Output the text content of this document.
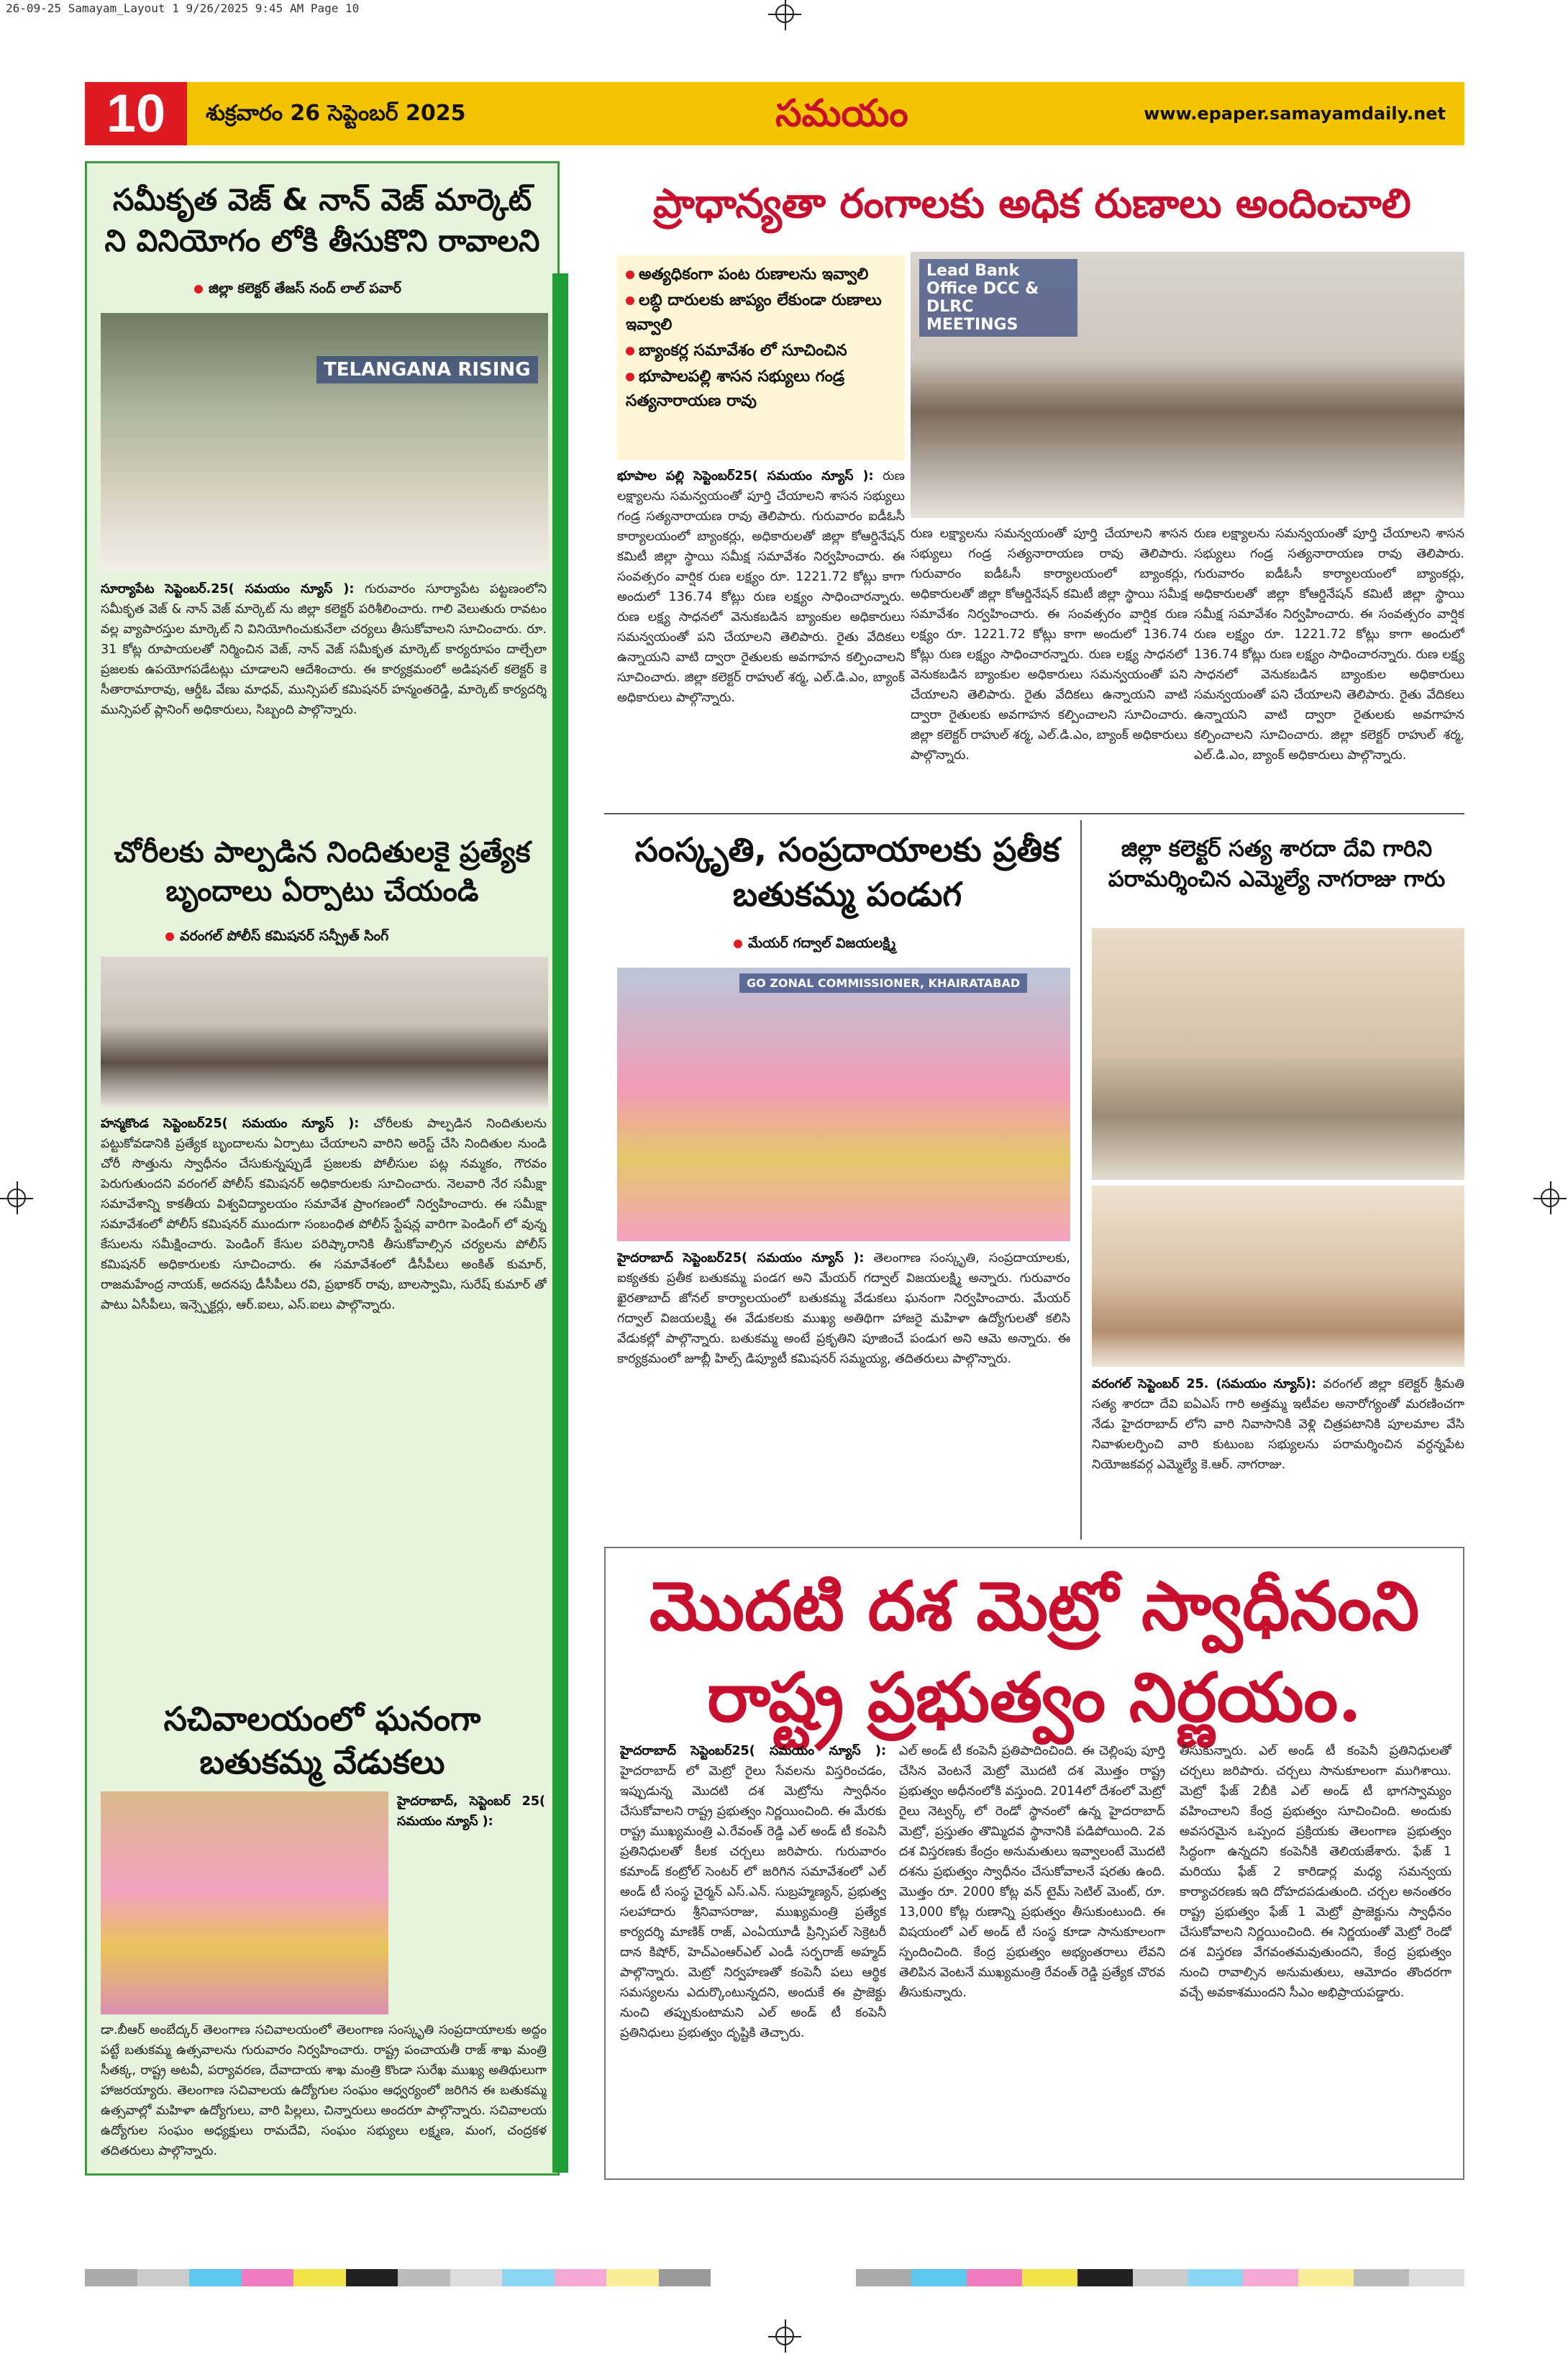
26-09-25 Samayam_Layout 1 9/26/2025 9:45 AM Page 10
10	శుక్రవారం 26 సెప్టెంబర్ 2025	సమయం	www.epaper.samayamdaily.net
సమీకృత వెజ్ & నాన్ వెజ్ మార్కెట్ ని వినియోగం లోకి తీసుకొని రావాలని
జిల్లా కలెక్టర్ తేజస్ నంద్ లాల్ పవార్
TELANGANA RISING
సూర్యాపేట సెప్టెంబర్.25( సమయం న్యూస్ ): గురువారం సూర్యాపేట పట్టణంలోని సమీకృత వెజ్ & నాన్ వెజ్ మార్కెట్ ను జిల్లా కలెక్టర్ పరిశీలించారు. గాలి వెలుతురు రావటం వల్ల వ్యాపారస్తుల మార్కెట్ ని వినియోగించుకునేలా చర్యలు తీసుకోవాలని సూచించారు. రూ. 31 కోట్ల రూపాయలతో నిర్మించిన వెజ్, నాన్ వెజ్ సమీకృత మార్కెట్ కార్యరూపం దాల్చేలా ప్రజలకు ఉపయోగపడేటట్లు చూడాలని ఆదేశించారు. ఈ కార్యక్రమంలో అడిషనల్ కలెక్టర్ కె సీతారామారావు, ఆర్డీఓ వేణు మాధవ్, మున్సిపల్ కమిషనర్ హన్మంతరెడ్డి, మార్కెట్ కార్యదర్శి మున్సిపల్ ప్లానింగ్ అధికారులు, సిబ్బంది పాల్గొన్నారు.
చోరీలకు పాల్పడిన నిందితులకై ప్రత్యేక బృందాలు ఏర్పాటు చేయండి
వరంగల్ పోలీస్ కమిషనర్ సన్ప్రీత్ సింగ్
హన్మకొండ సెప్టెంబర్25( సమయం న్యూస్ ): చోరీలకు పాల్పడిన నిందితులను పట్టుకోవడానికి ప్రత్యేక బృందాలను ఏర్పాటు చేయాలని వారిని అరెస్ట్ చేసి నిందితుల నుండి చోరీ సొత్తును స్వాధీనం చేసుకున్నప్పుడే ప్రజలకు పోలీసుల పట్ల నమ్మకం, గౌరవం పెరుగుతుందని వరంగల్ పోలీస్ కమిషనర్ అధికారులకు సూచించారు. నెలవారి నేర సమీక్షా సమావేశాన్ని కాకతీయ విశ్వవిద్యాలయం సమావేశ ప్రాంగణంలో నిర్వహించారు. ఈ సమీక్షా సమావేశంలో పోలీస్ కమిషనర్ ముందుగా సంబంధిత పోలీస్ స్టేషన్ల వారిగా పెండింగ్ లో వున్న కేసులను సమీక్షించారు. పెండింగ్ కేసుల పరిష్కారానికి తీసుకోవాల్సిన చర్యలను పోలీస్ కమిషనర్ అధికారులకు సూచించారు. ఈ సమావేశంలో డీసీపీలు అంకిత్ కుమార్, రాజమహేంద్ర నాయక్, అదనపు డీసీపీలు రవి, ప్రభాకర్ రావు, బాలస్వామి, సురేష్ కుమార్ తో పాటు ఏసీపీలు, ఇన్స్పెక్టర్లు, ఆర్.ఐలు, ఎస్.ఐలు పాల్గొన్నారు.
సచివాలయంలో ఘనంగా బతుకమ్మ వేడుకలు
హైదరాబాద్, సెప్టెంబర్ 25( సమయం న్యూస్ ):
డా.బీఆర్ అంబేద్కర్ తెలంగాణ సచివాలయంలో తెలంగాణ సంస్కృతి సంప్రదాయాలకు అద్దం పట్టే బతుకమ్మ ఉత్సవాలను గురువారం నిర్వహించారు. రాష్ట్ర పంచాయతీ రాజ్ శాఖ మంత్రి సీతక్క, రాష్ట్ర అటవీ, పర్యావరణ, దేవాదాయ శాఖ మంత్రి కొండా సురేఖ ముఖ్య అతిథులుగా హాజరయ్యారు. తెలంగాణ సచివాలయ ఉద్యోగుల సంఘం ఆధ్వర్యంలో జరిగిన ఈ బతుకమ్మ ఉత్సవాల్లో మహిళా ఉద్యోగులు, వారి పిల్లలు, చిన్నారులు అందరూ పాల్గొన్నారు. సచివాలయ ఉద్యోగుల సంఘం అధ్యక్షులు రామదేవి, సంఘం సభ్యులు లక్ష్మణ, మంగ, చంద్రకళ తదితరులు పాల్గొన్నారు.
ప్రాధాన్యతా రంగాలకు అధిక రుణాలు అందించాలి
అత్యధికంగా పంట రుణాలను ఇవ్వాలి
లబ్ధి దారులకు జాప్యం లేకుండా రుణాలు ఇవ్వాలి
బ్యాంకర్ల సమావేశం లో సూచించిన
భూపాలపల్లి శాసన సభ్యులు గండ్ర సత్యనారాయణ రావు
Lead Bank Office DCC & DLRC MEETINGS
భూపాల పల్లి సెప్టెంబర్25( సమయం న్యూస్ ): రుణ లక్ష్యాలను సమన్వయంతో పూర్తి చేయాలని శాసన సభ్యులు గండ్ర సత్యనారాయణ రావు తెలిపారు. గురువారం ఐడీఓసీ కార్యాలయంలో బ్యాంకర్లు, అధికారులతో జిల్లా కోఆర్డినేషన్ కమిటీ జిల్లా స్థాయి సమీక్ష సమావేశం నిర్వహించారు. ఈ సంవత్సరం వార్షిక రుణ లక్ష్యం రూ. 1221.72 కోట్లు కాగా అందులో 136.74 కోట్లు రుణ లక్ష్యం సాధించారన్నారు. రుణ లక్ష్య సాధనలో వెనుకబడిన బ్యాంకుల అధికారులు సమన్వయంతో పని చేయాలని తెలిపారు. రైతు వేదికలు ఉన్నాయని వాటి ద్వారా రైతులకు అవగాహన కల్పించాలని సూచించారు. జిల్లా కలెక్టర్ రాహుల్ శర్మ, ఎల్.డి.ఎం, బ్యాంక్ అధికారులు పాల్గొన్నారు.
రుణ లక్ష్యాలను సమన్వయంతో పూర్తి చేయాలని శాసన సభ్యులు గండ్ర సత్యనారాయణ రావు తెలిపారు. గురువారం ఐడీఓసీ కార్యాలయంలో బ్యాంకర్లు, అధికారులతో జిల్లా కోఆర్డినేషన్ కమిటీ జిల్లా స్థాయి సమీక్ష సమావేశం నిర్వహించారు. ఈ సంవత్సరం వార్షిక రుణ లక్ష్యం రూ. 1221.72 కోట్లు కాగా అందులో 136.74 కోట్లు రుణ లక్ష్యం సాధించారన్నారు. రుణ లక్ష్య సాధనలో వెనుకబడిన బ్యాంకుల అధికారులు సమన్వయంతో పని చేయాలని తెలిపారు. రైతు వేదికలు ఉన్నాయని వాటి ద్వారా రైతులకు అవగాహన కల్పించాలని సూచించారు. జిల్లా కలెక్టర్ రాహుల్ శర్మ, ఎల్.డి.ఎం, బ్యాంక్ అధికారులు పాల్గొన్నారు.
రుణ లక్ష్యాలను సమన్వయంతో పూర్తి చేయాలని శాసన సభ్యులు గండ్ర సత్యనారాయణ రావు తెలిపారు. గురువారం ఐడీఓసీ కార్యాలయంలో బ్యాంకర్లు, అధికారులతో జిల్లా కోఆర్డినేషన్ కమిటీ జిల్లా స్థాయి సమీక్ష సమావేశం నిర్వహించారు. ఈ సంవత్సరం వార్షిక రుణ లక్ష్యం రూ. 1221.72 కోట్లు కాగా అందులో 136.74 కోట్లు రుణ లక్ష్యం సాధించారన్నారు. రుణ లక్ష్య సాధనలో వెనుకబడిన బ్యాంకుల అధికారులు సమన్వయంతో పని చేయాలని తెలిపారు. రైతు వేదికలు ఉన్నాయని వాటి ద్వారా రైతులకు అవగాహన కల్పించాలని సూచించారు. జిల్లా కలెక్టర్ రాహుల్ శర్మ, ఎల్.డి.ఎం, బ్యాంక్ అధికారులు పాల్గొన్నారు.
సంస్కృతి, సంప్రదాయాలకు ప్రతీక బతుకమ్మ పండుగ
మేయర్ గద్వాల్ విజయలక్ష్మి
GO ZONAL COMMISSIONER, KHAIRATABAD
హైదరాబాద్ సెప్టెంబర్25( సమయం న్యూస్ ): తెలంగాణ సంస్కృతి, సంప్రదాయాలకు, ఐక్యతకు ప్రతీక బతుకమ్మ పండగ అని మేయర్ గద్వాల్ విజయలక్ష్మి అన్నారు. గురువారం ఖైరతాబాద్ జోనల్ కార్యాలయంలో బతుకమ్మ వేడుకలు ఘనంగా నిర్వహించారు. మేయర్ గద్వాల్ విజయలక్ష్మి ఈ వేడుకలకు ముఖ్య అతిథిగా హాజరై మహిళా ఉద్యోగులతో కలిసి వేడుకల్లో పాల్గొన్నారు. బతుకమ్మ అంటే ప్రకృతిని పూజించే పండుగ అని ఆమె అన్నారు. ఈ కార్యక్రమంలో జూబ్లీ హిల్స్ డిప్యూటీ కమిషనర్ సమ్మయ్య, తదితరులు పాల్గొన్నారు.
జిల్లా కలెక్టర్ సత్య శారదా దేవి గారిని పరామర్శించిన ఎమ్మెల్యే నాగరాజు గారు
వరంగల్ సెప్టెంబర్ 25. (సమయం న్యూస్): వరంగల్ జిల్లా కలెక్టర్ శ్రీమతి సత్య శారదా దేవి ఐఏఎస్ గారి అత్తమ్మ ఇటీవల అనారోగ్యంతో మరణించగా నేడు హైదరాబాద్ లోని వారి నివాసానికి వెళ్లి చిత్రపటానికి పూలమాల వేసి నివాళులర్పించి వారి కుటుంబ సభ్యులను పరామర్శించిన వర్ధన్నపేట నియోజకవర్గ ఎమ్మెల్యే కె.ఆర్. నాగరాజు.
మొదటి దశ మెట్రో స్వాధీనంని రాష్ట్ర ప్రభుత్వం నిర్ణయం.
హైదరాబాద్ సెప్టెంబర్25( సమయం న్యూస్ ): హైదరాబాద్ లో మెట్రో రైలు సేవలను విస్తరించడం, ఇప్పుడున్న మొదటి దశ మెట్రోను స్వాధీనం చేసుకోవాలని రాష్ట్ర ప్రభుత్వం నిర్ణయించింది. ఈ మేరకు రాష్ట్ర ముఖ్యమంత్రి ఎ.రేవంత్ రెడ్డి ఎల్ అండ్ టీ కంపెనీ ప్రతినిధులతో కీలక చర్చలు జరిపారు. గురువారం కమాండ్ కంట్రోల్ సెంటర్ లో జరిగిన సమావేశంలో ఎల్ అండ్ టీ సంస్థ చైర్మన్ ఎస్.ఎన్. సుబ్రహ్మణ్యన్, ప్రభుత్వ సలహాదారు శ్రీనివాసరాజు, ముఖ్యమంత్రి ప్రత్యేక కార్యదర్శి మాణిక్ రాజ్, ఎంఏయూడీ ప్రిన్సిపల్ సెక్రెటరీ దాన కిషోర్, హెచ్ఎంఆర్ఎల్ ఎండీ సర్ఫరాజ్ అహ్మద్ పాల్గొన్నారు. మెట్రో నిర్వహణతో కంపెనీ పలు ఆర్థిక సమస్యలను ఎదుర్కొంటున్నదని, అందుకే ఈ ప్రాజెక్టు నుంచి తప్పుకుంటామని ఎల్ అండ్ టీ కంపెనీ ప్రతినిధులు ప్రభుత్వం దృష్టికి తెచ్చారు.
ఎల్ అండ్ టీ కంపెనీ ప్రతిపాదించింది. ఈ చెల్లింపు పూర్తి చేసిన వెంటనే మెట్రో మొదటి దశ మొత్తం రాష్ట్ర ప్రభుత్వం అధీనంలోకి వస్తుంది. 2014లో దేశంలో మెట్రో రైలు నెట్వర్క్ లో రెండో స్థానంలో ఉన్న హైదరాబాద్ మెట్రో, ప్రస్తుతం తొమ్మిదవ స్థానానికి పడిపోయింది. 2వ దశ విస్తరణకు కేంద్రం అనుమతులు ఇవ్వాలంటే మొదటి దశను ప్రభుత్వం స్వాధీనం చేసుకోవాలనే షరతు ఉంది. మొత్తం రూ. 2000 కోట్ల వన్ టైమ్ సెటిల్ మెంట్, రూ. 13,000 కోట్ల రుణాన్ని ప్రభుత్వం తీసుకుంటుంది. ఈ విషయంలో ఎల్ అండ్ టీ సంస్థ కూడా సానుకూలంగా స్పందించింది. కేంద్ర ప్రభుత్వం అభ్యంతరాలు లేవని తెలిపిన వెంటనే ముఖ్యమంత్రి రేవంత్ రెడ్డి ప్రత్యేక చొరవ తీసుకున్నారు.
తీసుకున్నారు. ఎల్ అండ్ టీ కంపెనీ ప్రతినిధులతో చర్చలు జరిపారు. చర్చలు సానుకూలంగా ముగిశాయి. మెట్రో ఫేజ్ 2బీకి ఎల్ అండ్ టీ భాగస్వామ్యం వహించాలని కేంద్ర ప్రభుత్వం సూచించింది. అందుకు అవసరమైన ఒప్పంద ప్రక్రియకు తెలంగాణ ప్రభుత్వం సిద్ధంగా ఉన్నదని కంపెనీకి తెలియజేశారు. ఫేజ్ 1 మరియు ఫేజ్ 2 కారిడార్ల మధ్య సమన్వయ కార్యాచరణకు ఇది దోహదపడుతుంది. చర్చల అనంతరం రాష్ట్ర ప్రభుత్వం ఫేజ్ 1 మెట్రో ప్రాజెక్టును స్వాధీనం చేసుకోవాలని నిర్ణయించింది. ఈ నిర్ణయంతో మెట్రో రెండో దశ విస్తరణ వేగవంతమవుతుందని, కేంద్ర ప్రభుత్వం నుంచి రావాల్సిన అనుమతులు, ఆమోదం తొందరగా వచ్చే అవకాశముందని సీఎం అభిప్రాయపడ్డారు.
